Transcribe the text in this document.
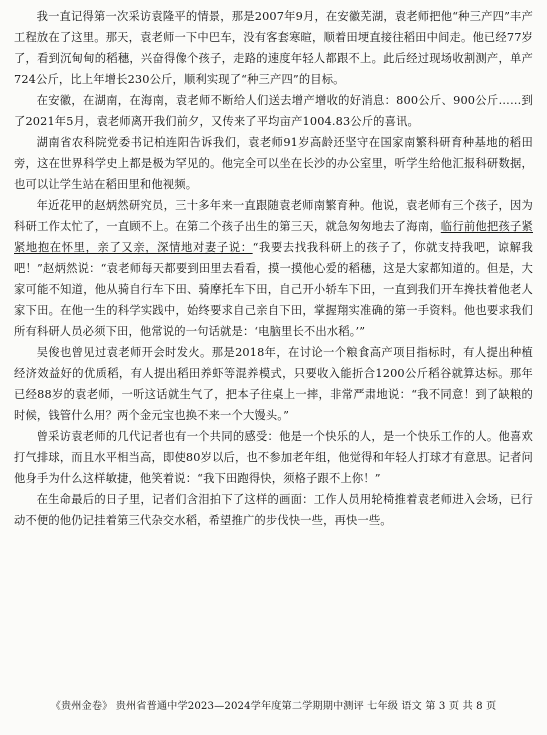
我一直记得第一次采访袁隆平的情景，那是2007年9月，在安徽芜湖，袁老师把他“种三产四”丰产工程放在了这里。那天，袁老师一下中巴车，没有客套寒暄，顺着田埂直接往稻田中间走。他已经77岁了，看到沉甸甸的稻穗，兴奋得像个孩子，走路的速度年轻人都跟不上。此后经过现场收割测产，单产724公斤，比上年增长230公斤，顺利实现了“种三产四”的目标。

在安徽，在湖南，在海南，袁老师不断给人们送去增产增收的好消息：800公斤、900公斤……到了2021年5月，袁老师离开我们前夕，又传来了平均亩产1004.83公斤的喜讯。

湖南省农科院党委书记柏连阳告诉我们，袁老师91岁高龄还坚守在国家南繁科研育种基地的稻田旁，这在世界科学史上都是极为罕见的。他完全可以坐在长沙的办公室里，听学生给他汇报科研数据，也可以让学生站在稻田里和他视频。

年近花甲的赵炳然研究员，三十多年来一直跟随袁老师南繁育种。他说，袁老师有三个孩子，因为科研工作太忙了，一直顾不上。在第二个孩子出生的第三天，就急匆匆地去了海南，临行前他把孩子紧紧地抱在怀里，亲了又亲，深情地对妻子说：“我要去找我科研上的孩子了，你就支持我吧，谅解我吧！”赵炳然说：“袁老师每天都要到田里去看看，摸一摸他心爱的稻穗，这是大家都知道的。但是，大家可能不知道，他从骑自行车下田、骑摩托车下田，自己开小轿车下田，一直到我们开车搀扶着他老人家下田。在他一生的科学实践中，始终要求自己亲自下田，掌握翔实准确的第一手资料。他也要求我们所有科研人员必须下田，他常说的一句话就是：‘电脑里长不出水稻。’”

吴俊也曾见过袁老师开会时发火。那是2018年，在讨论一个粮食高产项目指标时，有人提出种植经济效益好的优质稻，有人提出稻田养虾等混养模式，只要收入能折合1200公斤稻谷就算达标。那年已经88岁的袁老师，一听这话就生气了，把本子往桌上一摔，非常严肃地说：“我不同意！到了缺粮的时候，钱管什么用？两个金元宝也换不来一个大馒头。”

曾采访袁老师的几代记者也有一个共同的感受：他是一个快乐的人，是一个快乐工作的人。他喜欢打气排球，而且水平相当高，即使80岁以后，也不参加老年组，他觉得和年轻人打球才有意思。记者问他身手为什么这样敏捷，他笑着说：“我下田跑得快，须格子跟不上你！”

在生命最后的日子里，记者们含泪拍下了这样的画面：工作人员用轮椅推着袁老师进入会场，已行动不便的他仍记挂着第三代杂交水稻，希望推广的步伐快一些，再快一些。

《贵州金卷》 贵州省普通中学2023—2024学年度第二学期期中测评 七年级 语文 第 3 页 共 8 页
